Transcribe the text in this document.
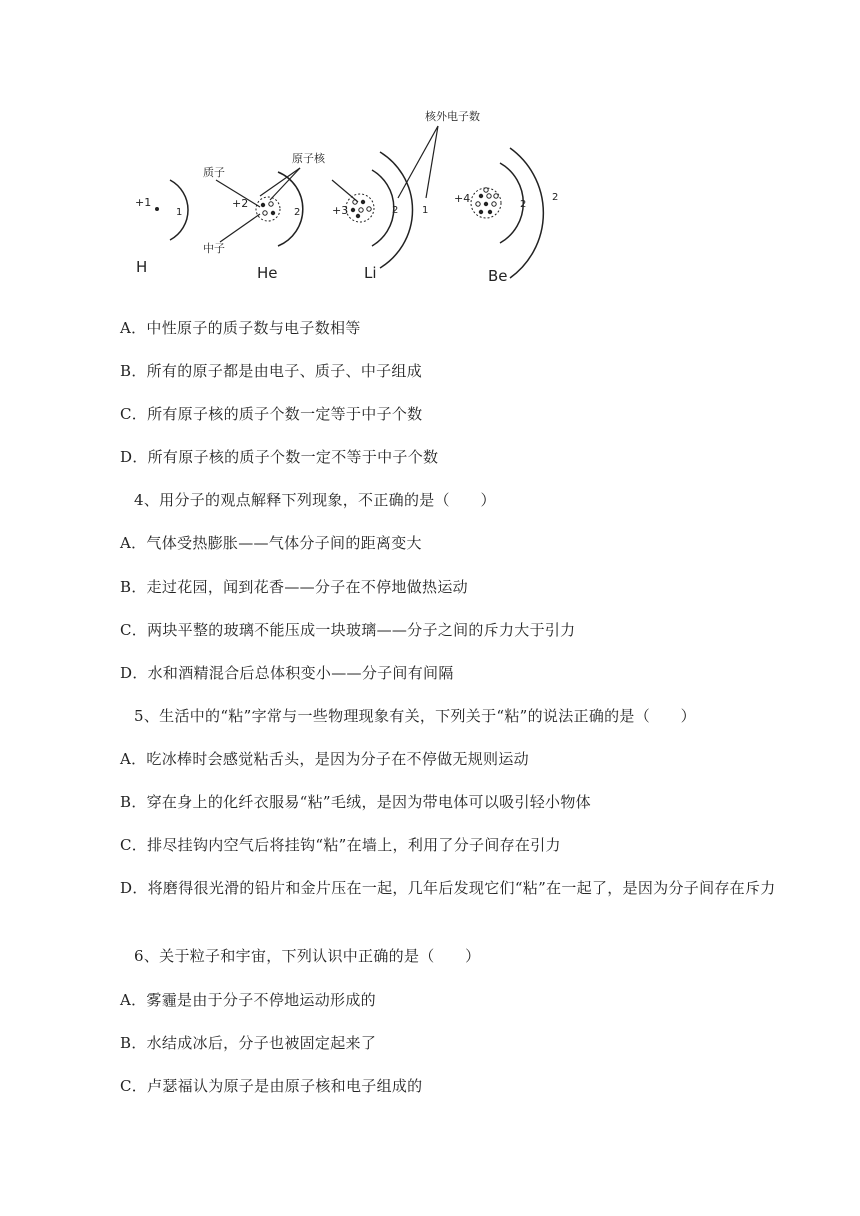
+1
1
H
质子
中子
+2
2
He
原子核
+3	2 1
Li
核外电子数
+4	2
2
Be
A．中性原子的质子数与电子数相等
B．所有的原子都是由电子、质子、中子组成
C．所有原子核的质子个数一定等于中子个数
D．所有原子核的质子个数一定不等于中子个数
4、用分子的观点解释下列现象，不正确的是（　　）
A．气体受热膨胀——气体分子间的距离变大
B．走过花园，闻到花香——分子在不停地做热运动
C．两块平整的玻璃不能压成一块玻璃——分子之间的斥力大于引力
D．水和酒精混合后总体积变小——分子间有间隔
5、生活中的“粘”字常与一些物理现象有关，下列关于“粘”的说法正确的是（　　）
A．吃冰棒时会感觉粘舌头，是因为分子在不停做无规则运动
B．穿在身上的化纤衣服易“粘”毛绒，是因为带电体可以吸引轻小物体
C．排尽挂钩内空气后将挂钩“粘”在墙上，利用了分子间存在引力
D．将磨得很光滑的铅片和金片压在一起，几年后发现它们“粘”在一起了，是因为分子间存在斥力
6、关于粒子和宇宙，下列认识中正确的是（　　）
A．雾霾是由于分子不停地运动形成的
B．水结成冰后，分子也被固定起来了
C．卢瑟福认为原子是由原子核和电子组成的
